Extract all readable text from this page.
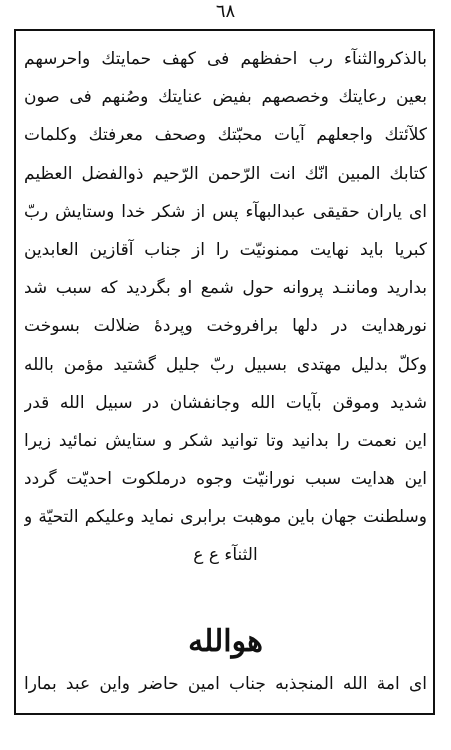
٦٨
بالذکروالثنآء رب احفظهم فی کهف حمایتك واحرسهم
بعین رعایتك وخصصهم بفیض عنایتك وصُنهم فی صون
کلآئتك واجعلهم آیات محبّتك وصحف معرفتك وکلمات
کتابك المبین انّك انت الرّحمن الرّحیم ذوالفضل العظیم
ای یاران حقیقی عبدالبهآء پس از شکر خدا وستایش ربّ
کبریا باید نهایت ممنونیّت را از جناب آقازین العابدین
بدارید وماننـد پروانه حول شمع او بگردید که سبب شد
نورهدایت در دلها برافروخت وپردهٔ ضلالت بسوخت
وکلّ بدلیل مهتدی بسبیل ربّ جلیل گشتید مؤمن بالله
شدید وموقن بآیات الله وجانفشان در سبیل الله قدر
این نعمت را بدانید وتا توانید شکر و ستایش نمائید زیرا
این هدایت سبب نورانیّت وجوه درملکوت احدیّت گردد
وسلطنت جهان باین موهبت برابری نماید وعلیکم التحیّة و
الثنآء ع ع
هوالله
ای امة الله المنجذبه جناب امین حاضر واین عبد بمارا
